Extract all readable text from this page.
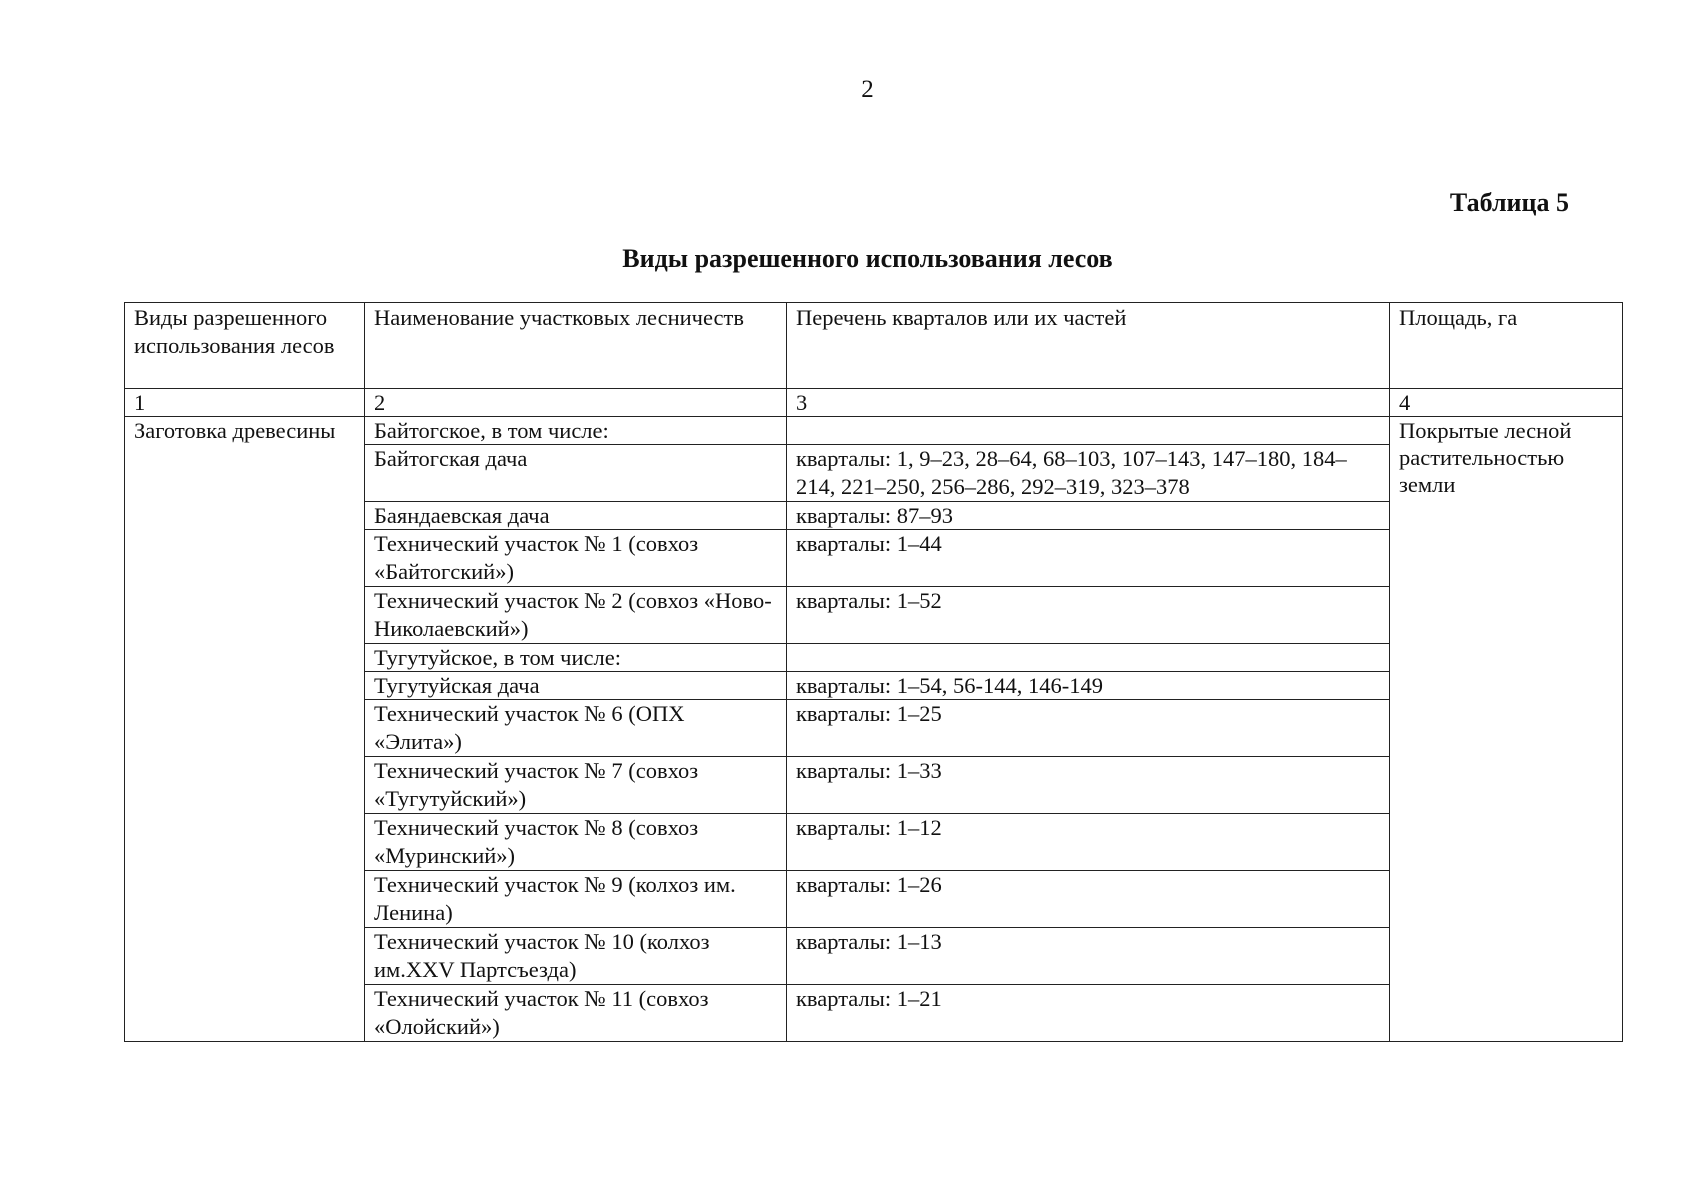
2
Таблица 5
Виды разрешенного использования лесов
Виды разрешенного использования лесов	Наименование участковых лесничеств	Перечень кварталов или их частей	Площадь, га
1	2	3	4
Заготовка древесины	Байтогское, в том числе:		Покрытые лесной растительностью земли
	Байтогская дача	кварталы: 1, 9–23, 28–64, 68–103, 107–143, 147–180, 184–214, 221–250, 256–286, 292–319, 323–378	
	Баяндаевская дача	кварталы: 87–93	
	Технический участок № 1 (совхоз «Байтогский»)	кварталы: 1–44	
	Технический участок № 2 (совхоз «Ново-Николаевский»)	кварталы: 1–52	
	Тугутуйское, в том числе:		
	Тугутуйская дача	кварталы: 1–54, 56-144, 146-149	
	Технический участок № 6 (ОПХ «Элита»)	кварталы: 1–25	
	Технический участок № 7 (совхоз «Тугутуйский»)	кварталы: 1–33	
	Технический участок № 8 (совхоз «Муринский»)	кварталы: 1–12	
	Технический участок № 9 (колхоз им. Ленина)	кварталы: 1–26	
	Технический участок № 10 (колхоз им.XXV Партсъезда)	кварталы: 1–13	
	Технический участок № 11 (совхоз «Олойский»)	кварталы: 1–21	
